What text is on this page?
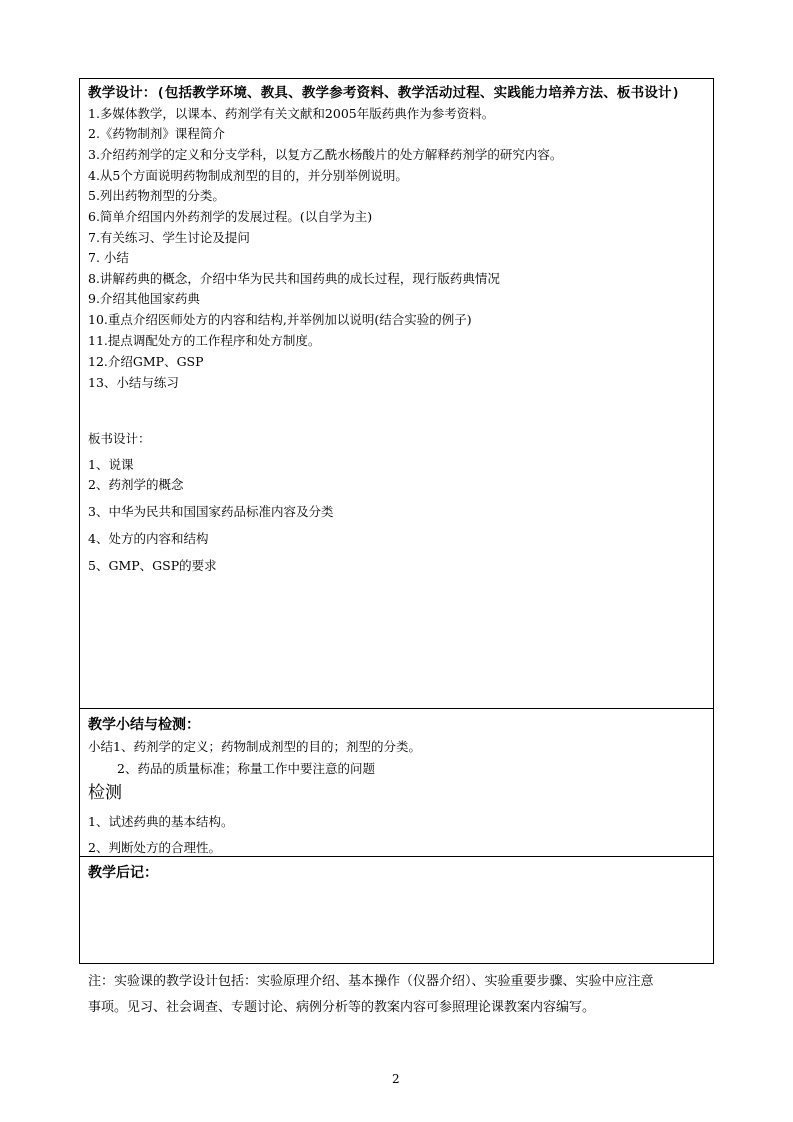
教学设计：(包括教学环境、教具、教学参考资料、教学活动过程、实践能力培养方法、板书设计)
1.多媒体教学，以课本、药剂学有关文献和2005年版药典作为参考资料。
2.《药物制剂》课程简介
3.介绍药剂学的定义和分支学科，以复方乙酰水杨酸片的处方解释药剂学的研究内容。
4.从5个方面说明药物制成剂型的目的，并分别举例说明。
5.列出药物剂型的分类。
6.简单介绍国内外药剂学的发展过程。(以自学为主)
7.有关练习、学生讨论及提问
7. 小结
8.讲解药典的概念，介绍中华为民共和国药典的成长过程，现行版药典情况
9.介绍其他国家药典
10.重点介绍医师处方的内容和结构,并举例加以说明(结合实验的例子)
11.提点调配处方的工作程序和处方制度。
12.介绍GMP、GSP
13、小结与练习
板书设计：
1、说课
2、药剂学的概念
3、中华为民共和国国家药品标准内容及分类
4、处方的内容和结构
5、GMP、GSP的要求
教学小结与检测：
小结1、药剂学的定义；药物制成剂型的目的；剂型的分类。
2、药品的质量标准；称量工作中要注意的问题
检测
1、试述药典的基本结构。
2、判断处方的合理性。
教学后记：
注：实验课的教学设计包括：实验原理介绍、基本操作（仪器介绍）、实验重要步骤、实验中应注意
事项。见习、社会调查、专题讨论、病例分析等的教案内容可参照理论课教案内容编写。
2
